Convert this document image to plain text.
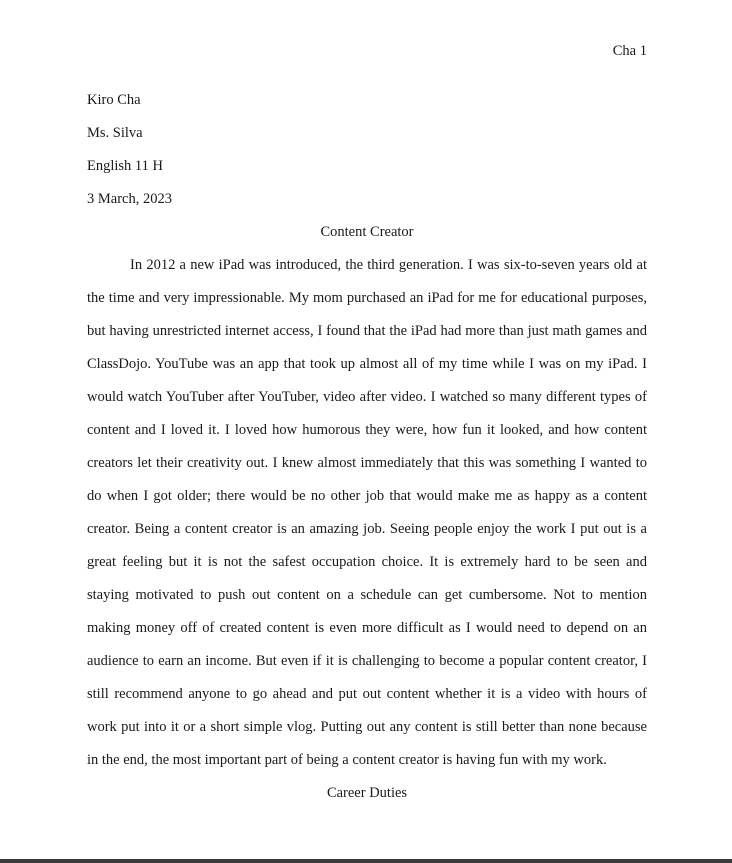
Cha 1
Kiro Cha
Ms. Silva
English 11 H
3 March, 2023
Content Creator

In 2012 a new iPad was introduced, the third generation. I was six-to-seven years old at the time and very impressionable. My mom purchased an iPad for me for educational purposes, but having unrestricted internet access, I found that the iPad had more than just math games and ClassDojo. YouTube was an app that took up almost all of my time while I was on my iPad. I would watch YouTuber after YouTuber, video after video. I watched so many different types of content and I loved it. I loved how humorous they were, how fun it looked, and how content creators let their creativity out. I knew almost immediately that this was something I wanted to do when I got older; there would be no other job that would make me as happy as a content creator. Being a content creator is an amazing job. Seeing people enjoy the work I put out is a great feeling but it is not the safest occupation choice. It is extremely hard to be seen and staying motivated to push out content on a schedule can get cumbersome. Not to mention making money off of created content is even more difficult as I would need to depend on an audience to earn an income. But even if it is challenging to become a popular content creator, I still recommend anyone to go ahead and put out content whether it is a video with hours of work put into it or a short simple vlog. Putting out any content is still better than none because in the end, the most important part of being a content creator is having fun with my work.

Career Duties
